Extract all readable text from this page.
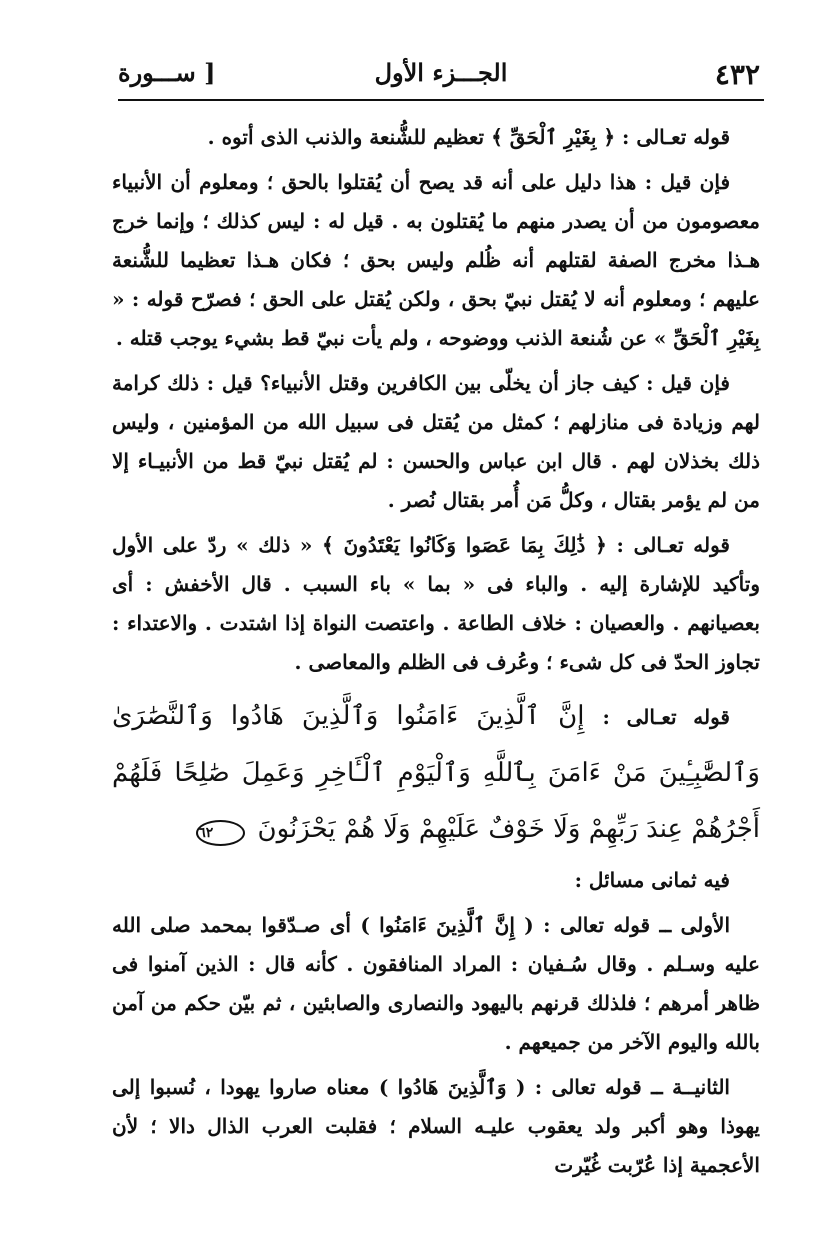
٤٣٢
الجـــزء الأول
[ ســـورة

قوله تعـالى : ﴿ بِغَيْرِ ٱلْحَقِّ ﴾ تعظيم للشُّنعة والذنب الذى أتوه .

فإن قيل : هذا دليل على أنه قد يصح أن يُقتلوا بالحق ؛ ومعلوم أن الأنبياء معصومون من أن يصدر منهم ما يُقتلون به . قيل له : ليس كذلك ؛ وإنما خرج هـذا مخرج الصفة لقتلهم أنه ظُلم وليس بحق ؛ فكان هـذا تعظيما للشُّنعة عليهم ؛ ومعلوم أنه لا يُقتل نبيّ بحق ، ولكن يُقتل على الحق ؛ فصرّح قوله : « بِغَيْرِ ٱلْحَقِّ » عن شُنعة الذنب ووضوحه ، ولم يأت نبيّ قط بشيء يوجب قتله .

فإن قيل : كيف جاز أن يخلّى بين الكافرين وقتل الأنبياء؟ قيل : ذلك كرامة لهم وزيادة فى منازلهم ؛ كمثل من يُقتل فى سبيل الله من المؤمنين ، وليس ذلك بخذلان لهم . قال ابن عباس والحسن : لم يُقتل نبيّ قط من الأنبيـاء إلا من لم يؤمر بقتال ، وكلُّ مَن أُمر بقتال نُصر .

قوله تعـالى : ﴿ ذَٰلِكَ بِمَا عَصَوا وَكَانُوا يَعْتَدُونَ ﴾ « ذلك » ردّ على الأول وتأكيد للإشارة إليه . والباء فى « بما » باء السبب . قال الأخفش : أى بعصيانهم . والعصيان : خلاف الطاعة . واعتصت النواة إذا اشتدت . والاعتداء : تجاوز الحدّ فى كل شىء ؛ وعُرف فى الظلم والمعاصى .

قوله تعـالى : إِنَّ ٱلَّذِينَ ءَامَنُوا وَٱلَّذِينَ هَادُوا وَٱلنَّصَٰرَىٰ وَٱلصَّٰبِـِٔينَ مَنْ ءَامَنَ بِٱللَّهِ وَٱلْيَوْمِ ٱلْـَٔاخِرِ وَعَمِلَ صَٰلِحًا فَلَهُمْ أَجْرُهُمْ عِندَ رَبِّهِمْ وَلَا خَوْفٌ عَلَيْهِمْ وَلَا هُمْ يَحْزَنُونَ ٦٢

فيه ثمانى مسائل :

الأولى ــ قوله تعالى : ( إِنَّ ٱلَّذِينَ ءَامَنُوا ) أى صـدّقوا بمحمد صلى الله عليه وسـلم . وقال سُـفيان : المراد المنافقون . كأنه قال : الذين آمنوا فى ظاهر أمرهم ؛ فلذلك قرنهم باليهود والنصارى والصابئين ، ثم بيّن حكم من آمن بالله واليوم الآخر من جميعهم .

الثانيــة ــ قوله تعالى : ( وَٱلَّذِينَ هَادُوا ) معناه صاروا يهودا ، نُسبوا إلى يهوذا وهو أكبر ولد يعقوب عليـه السلام ؛ فقلبت العرب الذال دالا ؛ لأن الأعجمية إذا عُرّبت غُيّرت
